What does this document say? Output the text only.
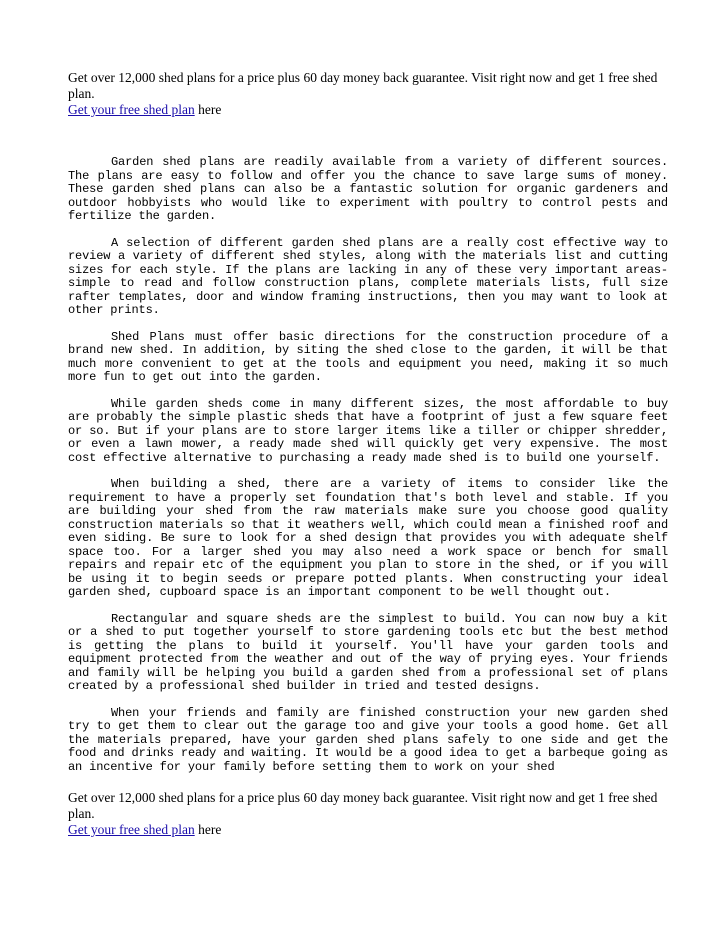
Get over 12,000 shed plans for a price plus 60 day money back guarantee. Visit right now and get 1 free shed plan.
Get your free shed plan here

Garden shed plans are readily available from a variety of different sources. The plans are easy to follow and offer you the chance to save large sums of money. These garden shed plans can also be a fantastic solution for organic gardeners and outdoor hobbyists who would like to experiment with poultry to control pests and fertilize the garden.

A selection of different garden shed plans are a really cost effective way to review a variety of different shed styles, along with the materials list and cutting sizes for each style. If the plans are lacking in any of these very important areas- simple to read and follow construction plans, complete materials lists, full size rafter templates, door and window framing instructions, then you may want to look at other prints.

Shed Plans must offer basic directions for the construction procedure of a brand new shed. In addition, by siting the shed close to the garden, it will be that much more convenient to get at the tools and equipment you need, making it so much more fun to get out into the garden.

While garden sheds come in many different sizes, the most affordable to buy are probably the simple plastic sheds that have a footprint of just a few square feet or so. But if your plans are to store larger items like a tiller or chipper shredder, or even a lawn mower, a ready made shed will quickly get very expensive. The most cost effective alternative to purchasing a ready made shed is to build one yourself.

When building a shed, there are a variety of items to consider like the requirement to have a properly set foundation that's both level and stable. If you are building your shed from the raw materials make sure you choose good quality construction materials so that it weathers well, which could mean a finished roof and even siding. Be sure to look for a shed design that provides you with adequate shelf space too. For a larger shed you may also need a work space or bench for small repairs and repair etc of the equipment you plan to store in the shed, or if you will be using it to begin seeds or prepare potted plants. When constructing your ideal garden shed, cupboard space is an important component to be well thought out.

Rectangular and square sheds are the simplest to build. You can now buy a kit or a shed to put together yourself to store gardening tools etc but the best method is getting the plans to build it yourself. You'll have your garden tools and equipment protected from the weather and out of the way of prying eyes. Your friends and family will be helping you build a garden shed from a professional set of plans created by a professional shed builder in tried and tested designs.

When your friends and family are finished construction your new garden shed try to get them to clear out the garage too and give your tools a good home. Get all the materials prepared, have your garden shed plans safely to one side and get the food and drinks ready and waiting. It would be a good idea to get a barbeque going as an incentive for your family before setting them to work on your shed

Get over 12,000 shed plans for a price plus 60 day money back guarantee. Visit right now and get 1 free shed plan.
Get your free shed plan here
